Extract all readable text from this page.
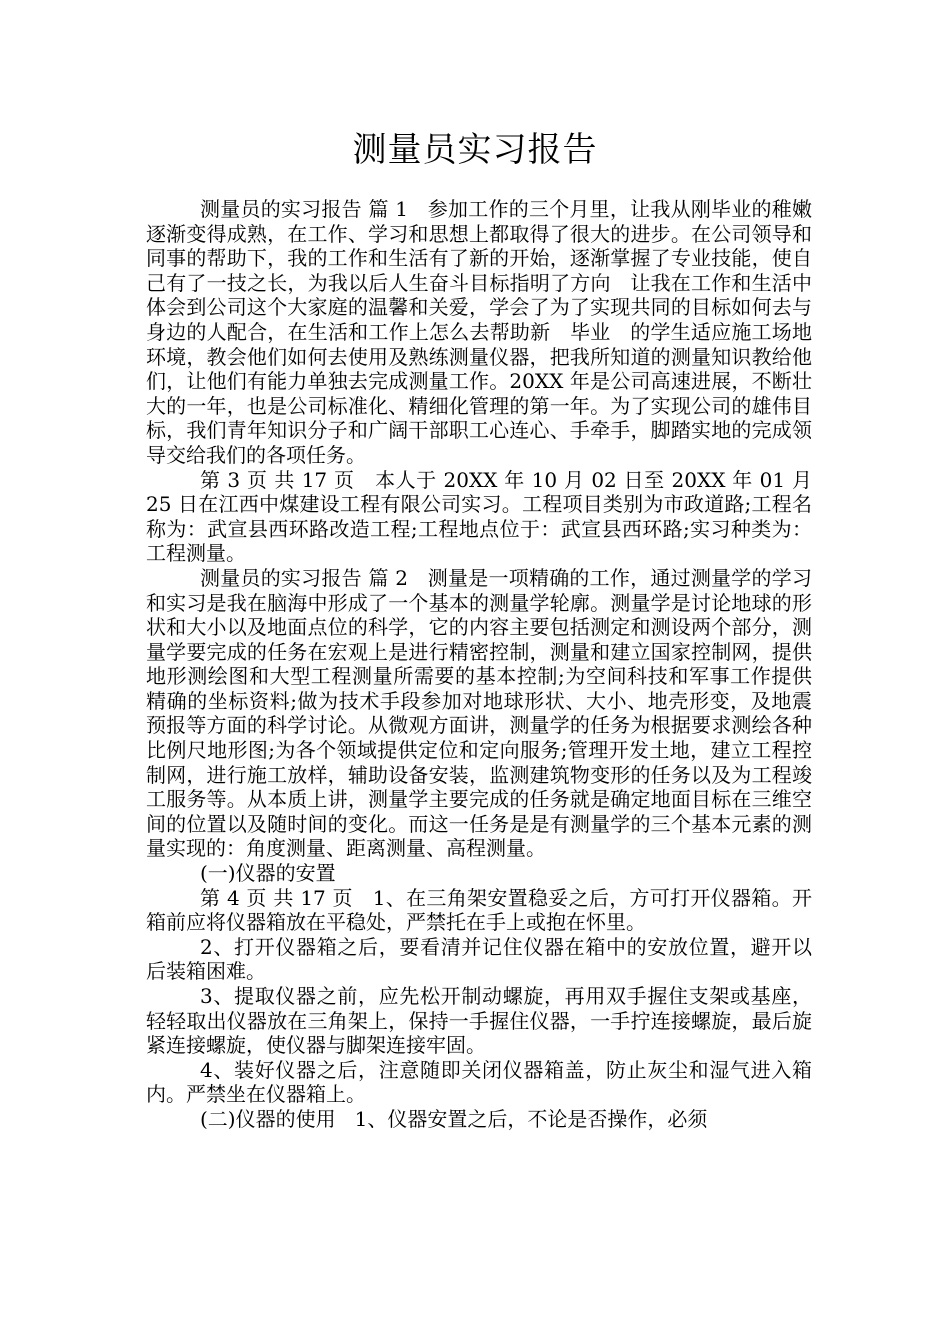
测量员实习报告

测量员的实习报告 篇 1   参加工作的三个月里，让我从刚毕业的稚嫩逐渐变得成熟，在工作、学习和思想上都取得了很大的进步。在公司领导和同事的帮助下，我的工作和生活有了新的开始，逐渐掌握了专业技能，使自己有了一技之长，为我以后人生奋斗目标指明了方向   让我在工作和生活中体会到公司这个大家庭的温馨和关爱，学会了为了实现共同的目标如何去与身边的人配合，在生活和工作上怎么去帮助新   毕业   的学生适应施工场地环境，教会他们如何去使用及熟练测量仪器，把我所知道的测量知识教给他们，让他们有能力单独去完成测量工作。20XX 年是公司高速进展，不断壮大的一年，也是公司标准化、精细化管理的第一年。为了实现公司的雄伟目标，我们青年知识分子和广阔干部职工心连心、手牵手，脚踏实地的完成领导交给我们的各项任务。

第 3 页 共 17 页   本人于 20XX 年 10 月 02 日至 20XX 年 01 月 25 日在江西中煤建设工程有限公司实习。工程项目类别为市政道路;工程名称为：武宣县西环路改造工程;工程地点位于：武宣县西环路;实习种类为：工程测量。

测量员的实习报告 篇 2   测量是一项精确的工作，通过测量学的学习和实习是我在脑海中形成了一个基本的测量学轮廓。测量学是讨论地球的形状和大小以及地面点位的科学，它的内容主要包括测定和测设两个部分，测量学要完成的任务在宏观上是进行精密控制，测量和建立国家控制网，提供地形测绘图和大型工程测量所需要的基本控制;为空间科技和军事工作提供精确的坐标资料;做为技术手段参加对地球形状、大小、地壳形变，及地震预报等方面的科学讨论。从微观方面讲，测量学的任务为根据要求测绘各种比例尺地形图;为各个领域提供定位和定向服务;管理开发土地，建立工程控制网，进行施工放样，辅助设备安装，监测建筑物变形的任务以及为工程竣工服务等。从本质上讲，测量学主要完成的任务就是确定地面目标在三维空间的位置以及随时间的变化。而这一任务是是有测量学的三个基本元素的测量实现的：角度测量、距离测量、高程测量。

(一)仪器的安置

第 4 页 共 17 页   1、在三角架安置稳妥之后，方可打开仪器箱。开箱前应将仪器箱放在平稳处，严禁托在手上或抱在怀里。

2、打开仪器箱之后，要看清并记住仪器在箱中的安放位置，避开以后装箱困难。

3、提取仪器之前，应先松开制动螺旋，再用双手握住支架或基座，轻轻取出仪器放在三角架上，保持一手握住仪器，一手拧连接螺旋，最后旋紧连接螺旋，使仪器与脚架连接牢固。

4、装好仪器之后，注意随即关闭仪器箱盖，防止灰尘和湿气进入箱内。严禁坐在仪器箱上。

(二)仪器的使用   1、仪器安置之后，不论是否操作，必须
